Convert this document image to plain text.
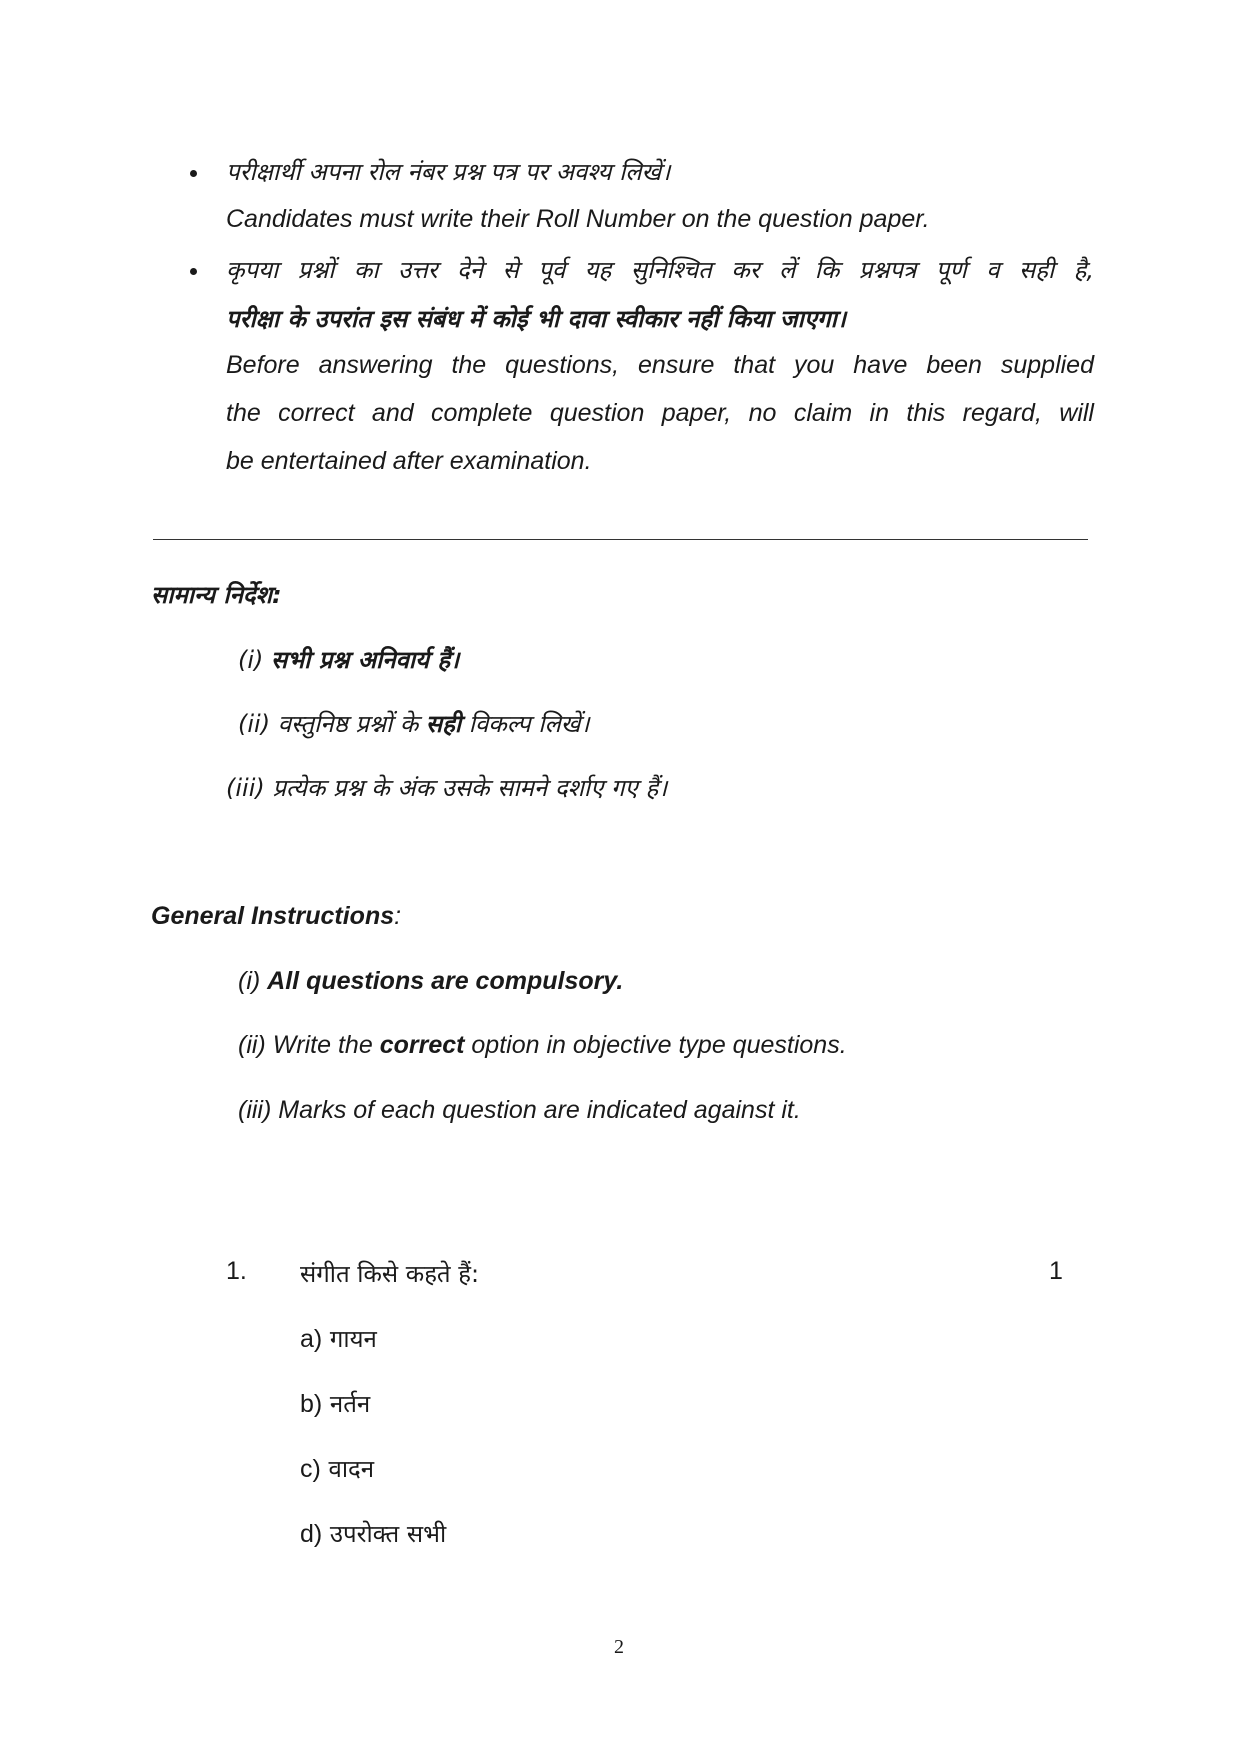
परीक्षार्थी अपना रोल नंबर प्रश्न पत्र पर अवश्य लिखें।
Candidates must write their Roll Number on the question paper.
कृपया प्रश्नों का उत्तर देने से पूर्व यह सुनिश्चित कर लें कि प्रश्नपत्र पूर्ण व सही है,
परीक्षा के उपरांत इस संबंध में कोई भी दावा स्वीकार नहीं किया जाएगा।
Before answering the questions, ensure that you have been supplied
the correct and complete question paper, no claim in this regard, will
be entertained after examination.
सामान्य निर्देश:
(i) सभी प्रश्न अनिवार्य हैं।
(ii) वस्तुनिष्ठ प्रश्नों के सही विकल्प लिखें।
(iii) प्रत्येक प्रश्न के अंक उसके सामने दर्शाए गए हैं।
General Instructions:
(i) All questions are compulsory.
(ii) Write the correct option in objective type questions.
(iii) Marks of each question are indicated against it.
1. संगीत किसे कहते हैं:	1
a) गायन
b) नर्तन
c) वादन
d) उपरोक्त सभी
2
